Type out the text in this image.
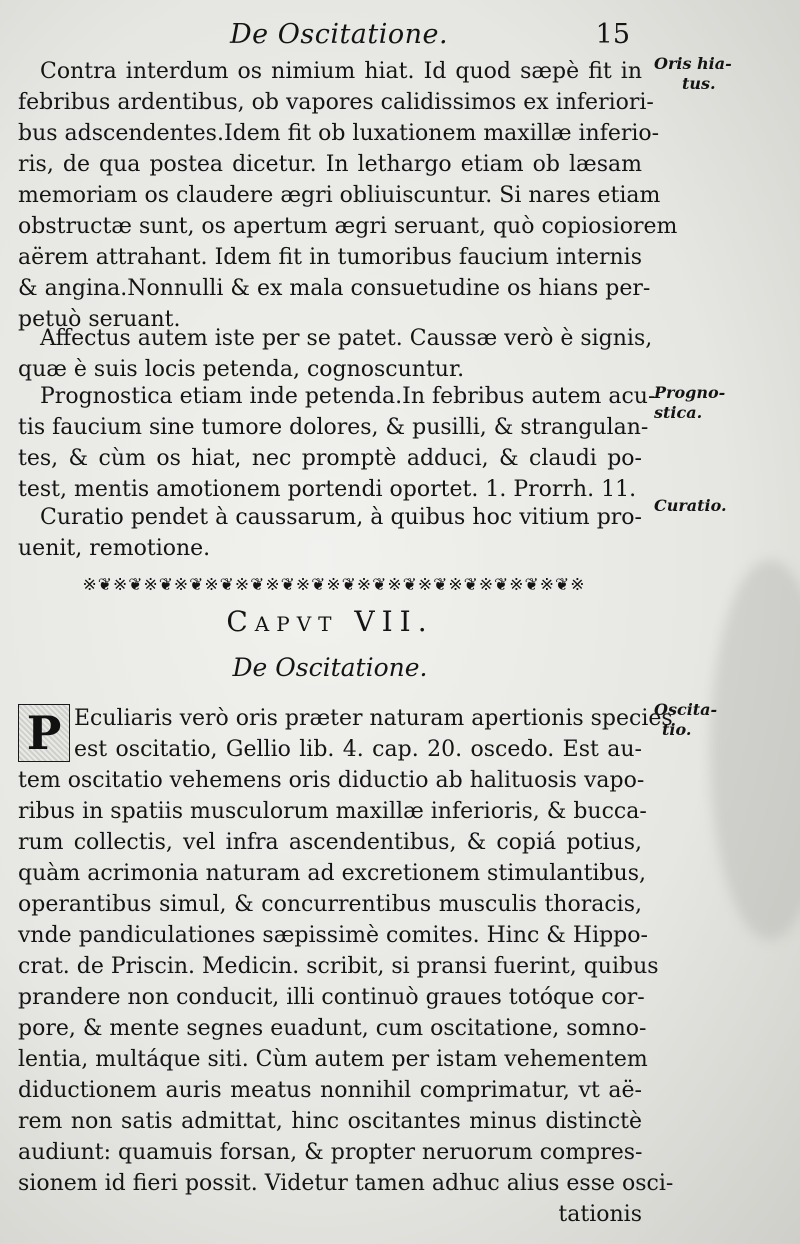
De Oscitatione.	15
Contra interdum os nimium hiat. Id quod sæpè fit in
febribus ardentibus, ob vapores calidissimos ex inferiori-
bus adscendentes.Idem fit ob luxationem maxillæ inferio-
ris, de qua postea dicetur. In lethargo etiam ob læsam
memoriam os claudere ægri obliuiscuntur. Si nares etiam
obstructæ sunt, os apertum ægri seruant, quò copiosiorem
aërem attrahant. Idem fit in tumoribus faucium internis
& angina.Nonnulli & ex mala consuetudine os hians per-
petuò seruant.
Affectus autem iste per se patet. Caussæ verò è signis,
quæ è suis locis petenda, cognoscuntur.
Prognostica etiam inde petenda.In febribus autem acu-
tis faucium sine tumore dolores, & pusilli, & strangulan-
tes, & cùm os hiat, nec promptè adduci, & claudi po-
test, mentis amotionem portendi oportet. 1. Prorrh. 11.
Curatio pendet à caussarum, à quibus hoc vitium pro-
uenit, remotione.
Oris hia-
tus.
Progno-
stica.
Curatio.
Oscita-
tio.
※❦※❦※❦※❦※❦※❦※❦※❦※❦※❦※❦※❦※❦※❦※❦※❦※
Capvt VII.
De Oscitatione.
P Eculiaris verò oris præter naturam apertionis species
est oscitatio, Gellio lib. 4. cap. 20. oscedo. Est au-
tem oscitatio vehemens oris diductio ab halituosis vapo-
ribus in spatiis musculorum maxillæ inferioris, & bucca-
rum collectis, vel infra ascendentibus, & copiá potius,
quàm acrimonia naturam ad excretionem stimulantibus,
operantibus simul, & concurrentibus musculis thoracis,
vnde pandiculationes sæpissimè comites. Hinc & Hippo-
crat. de Priscin. Medicin. scribit, si pransi fuerint, quibus
prandere non conducit, illi continuò graues totóque cor-
pore, & mente segnes euadunt, cum oscitatione, somno-
lentia, multáque siti. Cùm autem per istam vehementem
diductionem auris meatus nonnihil comprimatur, vt aë-
rem non satis admittat, hinc oscitantes minus distinctè
audiunt: quamuis forsan, & propter neruorum compres-
sionem id fieri possit. Videtur tamen adhuc alius esse osci-
tationis
